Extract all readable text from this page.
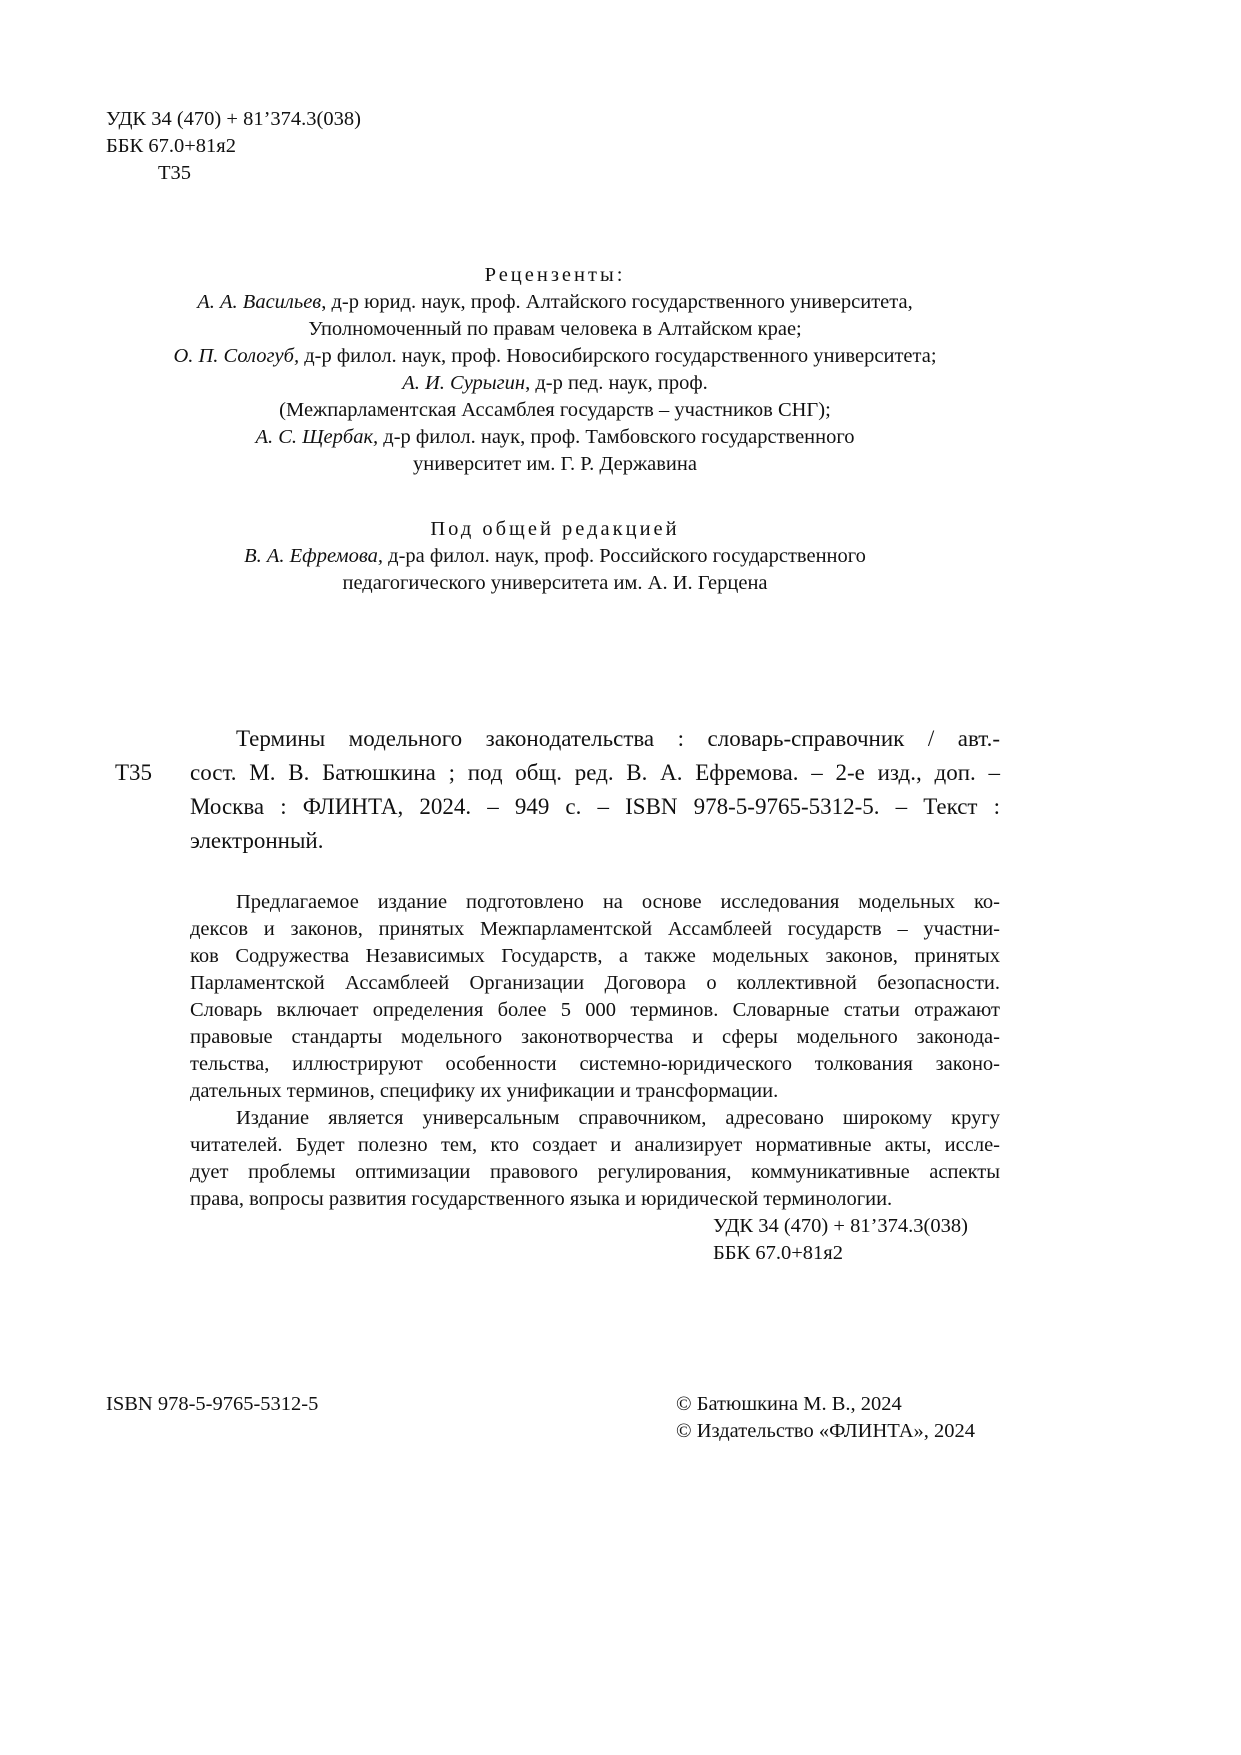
УДК 34 (470) + 81’374.3(038)
ББК 67.0+81я2
Т35
Рецензенты:
А. А. Васильев, д-р юрид. наук, проф. Алтайского государственного университета,
Уполномоченный по правам человека в Алтайском крае;
О. П. Сологуб, д-р филол. наук, проф. Новосибирского государственного университета;
А. И. Сурыгин, д-р пед. наук, проф.
(Межпарламентская Ассамблея государств – участников СНГ);
А. С. Щербак, д-р филол. наук, проф. Тамбовского государственного
университет им. Г. Р. Державина
Под общей редакцией
В. А. Ефремова, д-ра филол. наук, проф. Российского государственного
педагогического университета им. А. И. Герцена
Т35
Термины модельного законодательства : словарь-справочник / авт.-
сост. М. В. Батюшкина ; под общ. ред. В. А. Ефремова. – 2-е изд., доп. –
Москва : ФЛИНТА, 2024. – 949 с. – ISBN 978-5-9765-5312-5. – Текст :
электронный.
Предлагаемое издание подготовлено на основе исследования модельных ко-
дексов и законов, принятых Межпарламентской Ассамблеей государств – участни-
ков Содружества Независимых Государств, а также модельных законов, принятых
Парламентской Ассамблеей Организации Договора о коллективной безопасности.
Словарь включает определения более 5 000 терминов. Словарные статьи отражают
правовые стандарты модельного законотворчества и сферы модельного законода-
тельства, иллюстрируют особенности системно-юридического толкования законо-
дательных терминов, специфику их унификации и трансформации.
Издание является универсальным справочником, адресовано широкому кругу
читателей. Будет полезно тем, кто создает и анализирует нормативные акты, иссле-
дует проблемы оптимизации правового регулирования, коммуникативные аспекты
права, вопросы развития государственного языка и юридической терминологии.
УДК 34 (470) + 81’374.3(038)
ББК 67.0+81я2
ISBN 978-5-9765-5312-5	© Батюшкина М. В., 2024
© Издательство «ФЛИНТА», 2024
